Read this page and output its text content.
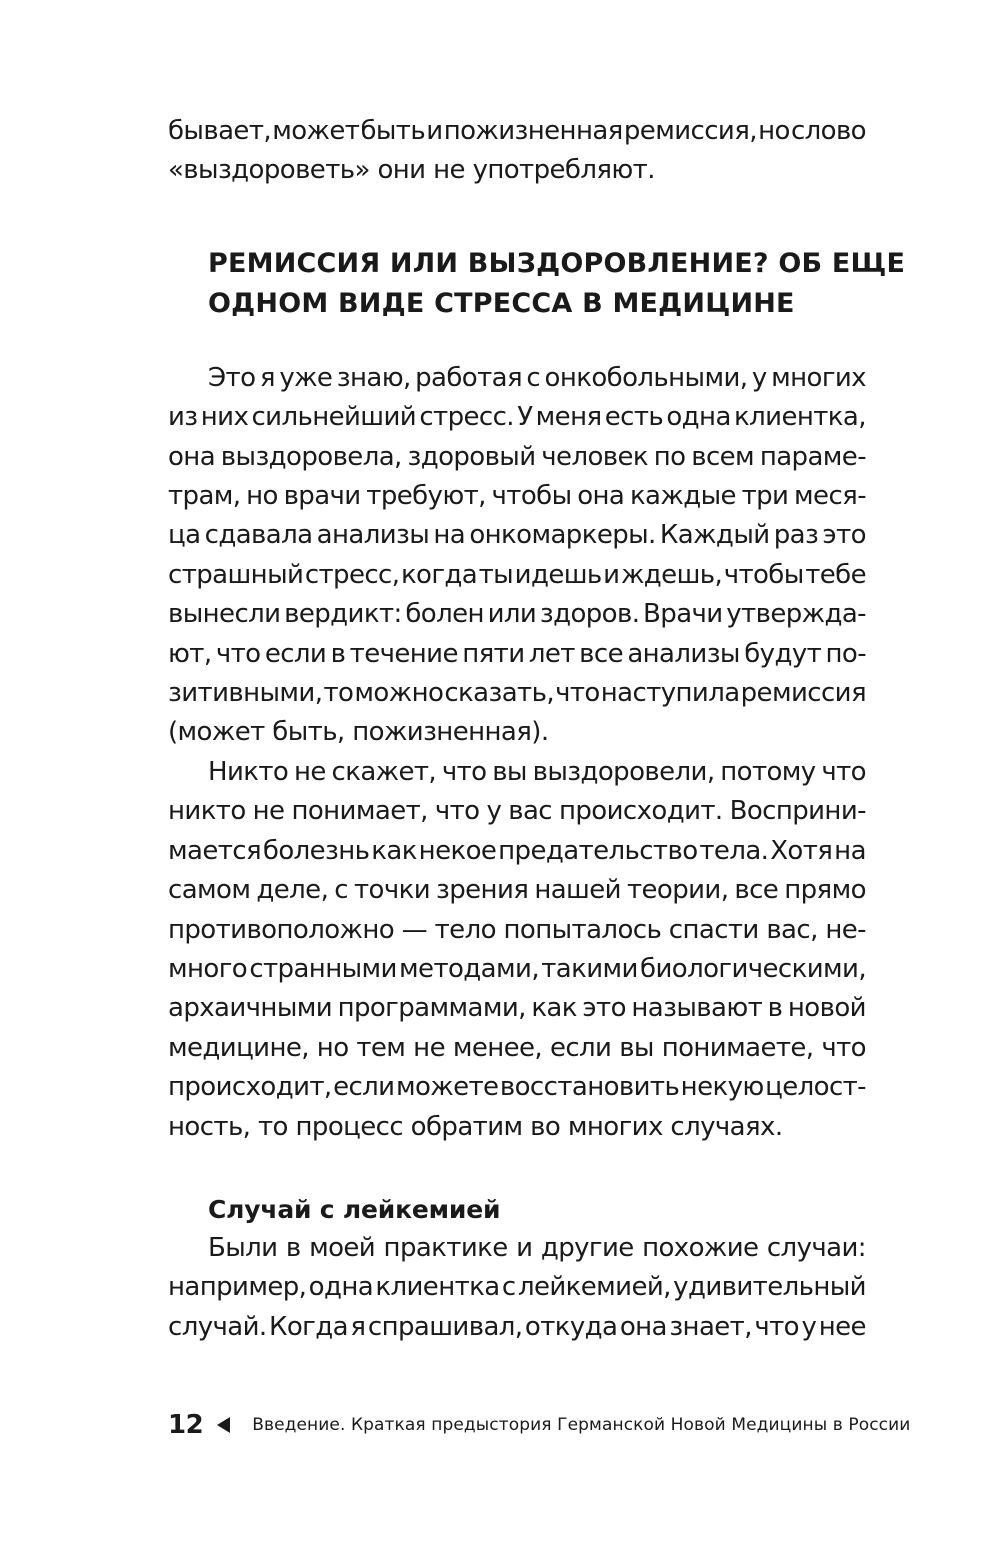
бывает, может быть и пожизненная ремиссия, но слово
«выздороветь» они не употребляют.
РЕМИССИЯ ИЛИ ВЫЗДОРОВЛЕНИЕ? ОБ ЕЩЕ
ОДНОМ ВИДЕ СТРЕССА В МЕДИЦИНЕ
Это я уже знаю, работая с онкобольными, у многих
из них сильнейший стресс. У меня есть одна клиентка,
она выздоровела, здоровый человек по всем параме-
трам, но врачи требуют, чтобы она каждые три меся-
ца сдавала анализы на онкомаркеры. Каждый раз это
страшный стресс, когда ты идешь и ждешь, чтобы тебе
вынесли вердикт: болен или здоров. Врачи утвержда-
ют, что если в течение пяти лет все анализы будут по-
зитивными, то можно сказать, что наступила ремиссия
(может быть, пожизненная).
Никто не скажет, что вы выздоровели, потому что
никто не понимает, что у вас происходит. Восприни-
мается болезнь как некое предательство тела. Хотя на
самом деле, с точки зрения нашей теории, все прямо
противоположно — тело попыталось спасти вас, не-
много странными методами, такими биологическими,
архаичными программами, как это называют в новой
медицине, но тем не менее, если вы понимаете, что
происходит, если можете восстановить некую целост-
ность, то процесс обратим во многих случаях.
Случай с лейкемией
Были в моей практике и другие похожие случаи:
например, одна клиентка с лейкемией, удивительный
случай. Когда я спрашивал, откуда она знает, что у нее
12	Введение. Краткая предыстория Германской Новой Медицины в России
